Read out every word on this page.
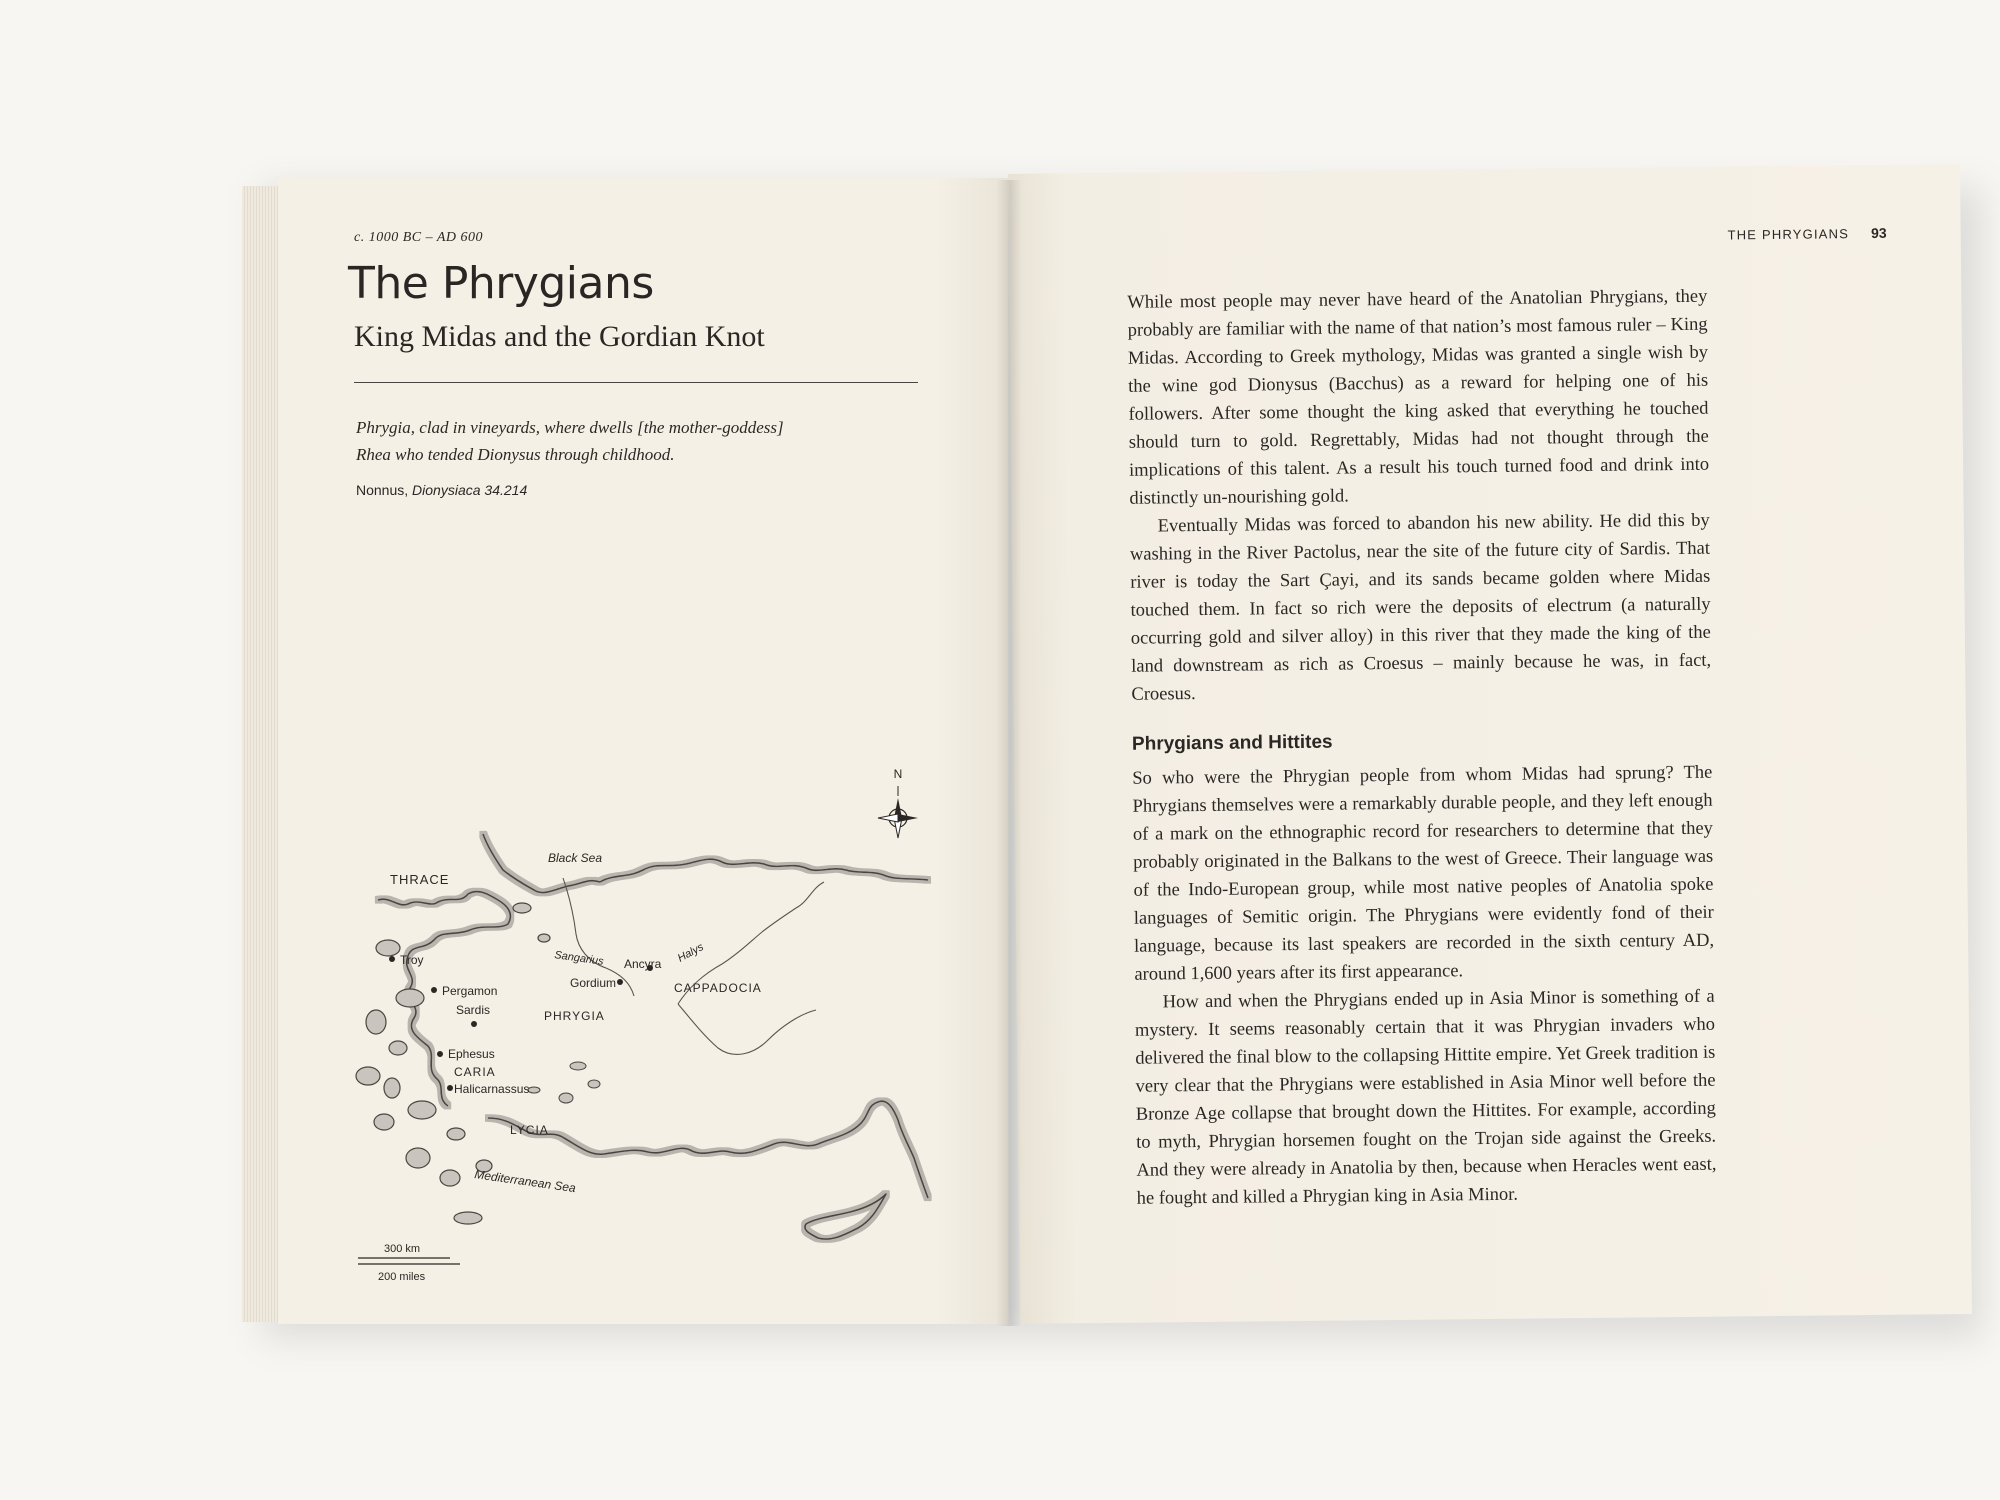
c. 1000 BC – AD 600
The Phrygians
King Midas and the Gordian Knot
Phrygia, clad in vineyards, where dwells [the mother-goddess]
Rhea who tended Dionysus through childhood.
Nonnus, Dionysiaca 34.214
N
THRACE
Black Sea
Troy
Pergamon
Sardis
Sangarius Ancyra Halys
Gordium
PHRYGIA
CAPPADOCIA
Ephesus
CARIA
Halicarnassus
LYCIA
Mediterranean Sea
300 km
200 miles
THE PHRYGIANS 93

While most people may never have heard of the Anatolian Phrygians, they probably are familiar with the name of that nation’s most famous ruler – King Midas. According to Greek mythology, Midas was granted a single wish by the wine god Dionysus (Bacchus) as a reward for helping one of his followers. After some thought the king asked that everything he touched should turn to gold. Regrettably, Midas had not thought through the implications of this talent. As a result his touch turned food and drink into distinctly un-nourishing gold.

Eventually Midas was forced to abandon his new ability. He did this by washing in the River Pactolus, near the site of the future city of Sardis. That river is today the Sart Çayi, and its sands became golden where Midas touched them. In fact so rich were the deposits of electrum (a naturally occurring gold and silver alloy) in this river that they made the king of the land downstream as rich as Croesus – mainly because he was, in fact, Croesus.

Phrygians and Hittites

So who were the Phrygian people from whom Midas had sprung? The Phrygians themselves were a remarkably durable people, and they left enough of a mark on the ethnographic record for researchers to determine that they probably originated in the Balkans to the west of Greece. Their language was of the Indo-European group, while most native peoples of Anatolia spoke languages of Semitic origin. The Phrygians were evidently fond of their language, because its last speakers are recorded in the sixth century AD, around 1,600 years after its first appearance.

How and when the Phrygians ended up in Asia Minor is something of a mystery. It seems reasonably certain that it was Phrygian invaders who delivered the final blow to the collapsing Hittite empire. Yet Greek tradition is very clear that the Phrygians were established in Asia Minor well before the Bronze Age collapse that brought down the Hittites. For example, according to myth, Phrygian horsemen fought on the Trojan side against the Greeks. And they were already in Anatolia by then, because when Heracles went east, he fought and killed a Phrygian king in Asia Minor.
